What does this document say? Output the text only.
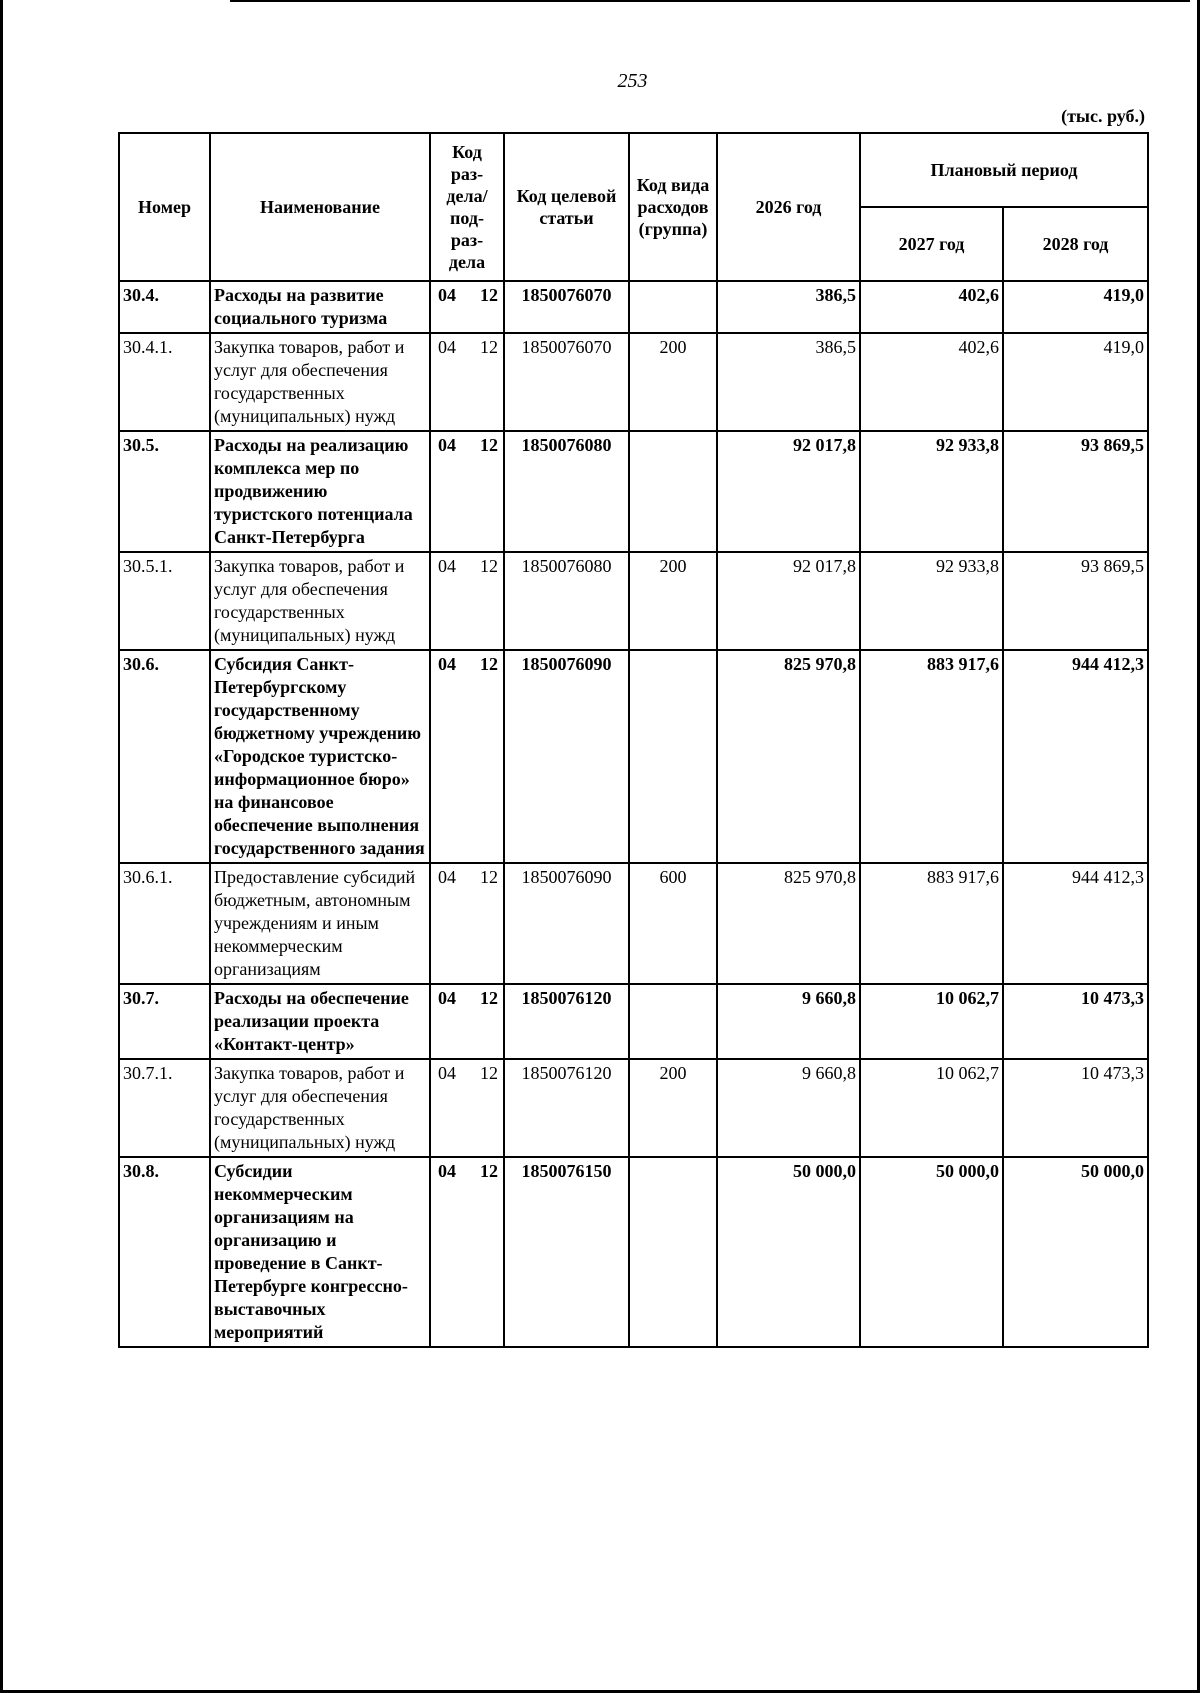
253
(тыс. руб.)
Номер	Наименование	Код раз- дела/ под- раз- дела	Код целевой статьи	Код вида расходов (группа)	2026 год	Плановый период	
						2027 год	2028 год
30.4.	Расходы на развитие социального туризма	04 12	1850076070		386,5	402,6	419,0
30.4.1.	Закупка товаров, работ и услуг для обеспечения государственных (муниципальных) нужд	04 12	1850076070	200	386,5	402,6	419,0
30.5.	Расходы на реализацию комплекса мер по продвижению туристского потенциала Санкт-Петербурга	04 12	1850076080		92 017,8	92 933,8	93 869,5
30.5.1.	Закупка товаров, работ и услуг для обеспечения государственных (муниципальных) нужд	04 12	1850076080	200	92 017,8	92 933,8	93 869,5
30.6.	Субсидия Санкт-Петербургскому государственному бюджетному учреждению «Городское туристско-информационное бюро» на финансовое обеспечение выполнения государственного задания	04 12	1850076090		825 970,8	883 917,6	944 412,3
30.6.1.	Предоставление субсидий бюджетным, автономным учреждениям и иным некоммерческим организациям	04 12	1850076090	600	825 970,8	883 917,6	944 412,3
30.7.	Расходы на обеспечение реализации проекта «Контакт-центр»	04 12	1850076120		9 660,8	10 062,7	10 473,3
30.7.1.	Закупка товаров, работ и услуг для обеспечения государственных (муниципальных) нужд	04 12	1850076120	200	9 660,8	10 062,7	10 473,3
30.8.	Субсидии некоммерческим организациям на организацию и проведение в Санкт-Петербурге конгрессно-выставочных мероприятий	04 12	1850076150		50 000,0	50 000,0	50 000,0
